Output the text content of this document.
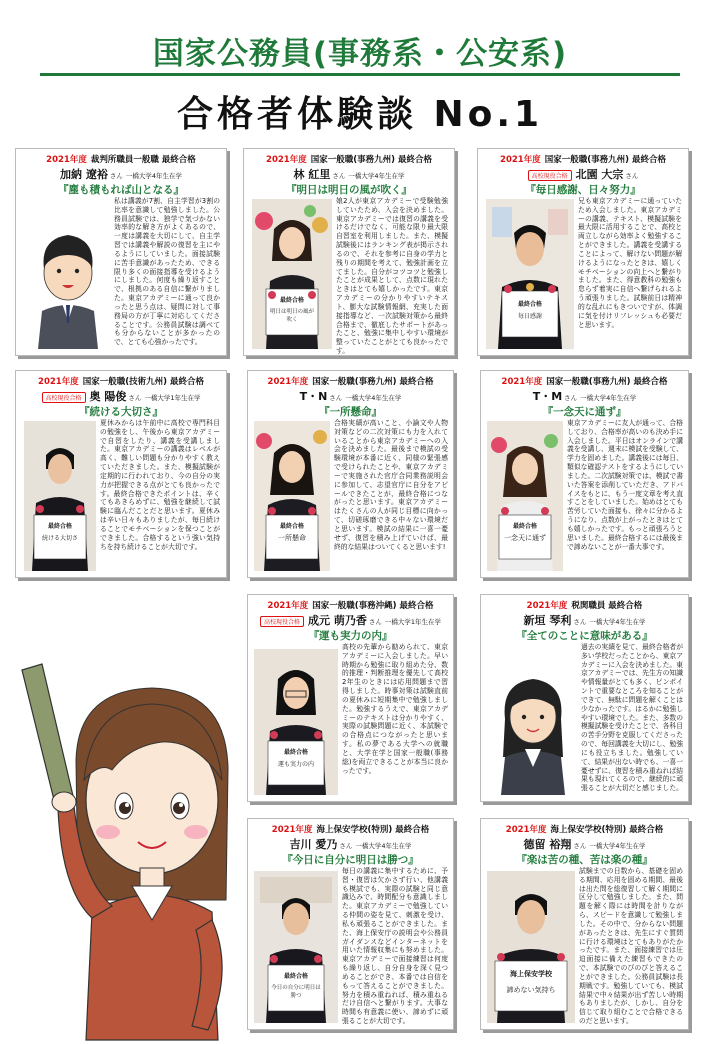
国家公務員(事務系・公安系)
合格者体験談 No.1
2021年度 裁判所職員一般職 最終合格
加納 遼裕 さん 一橋大学4年生在学
『塵も積もれば山となる』
私は講義が7割、自主学習が3割の比率を意識して勉強しました。公務員試験では、独学で気づかない効率的な解き方がよくあるので、一度は講義を大切にして、自主学習では講義や解説の復習を主にやるようにしていました。面接試験に苦手意識があったため、できる限り多くの面接指導を受けるようにしました。何度も繰り返すことで、根拠のある自信に繋がりました。東京アカデミーに通って良かったと思う点は、疑問に対して事務局の方が丁寧に対応してくださることです。公務員試験は調べても分からないことが多かったので、とても心強かったです。
2021年度 国家一般職(事務九州) 最終合格
林 紅里 さん 一橋大学4年生在学
『明日は明日の風が吹く』
最終合格
明日は明日の風が吹く
娘2人が東京アカデミーで受験勉強していたため、入会を決めました。東京アカデミーでは復習の講義を受けるだけでなく、可能な限り最大限自習室を利用しました。また、模擬試験後にはランキング表が掲示されるので、それを参考に自身の学力と残りの期間を考えて、勉強計画を立てました。自分がコツコツと勉強したことが成果として、点数に現れたときはとても嬉しかったです。東京アカデミーの分かりやすいテキスト、膨大な試験情報網、充実した面接指導など、一次試験対策から最終合格まで、徹底したサポートがあったこと、勉強に集中しやすい環境が整っていたことがとても良かったです。
2021年度 国家一般職(事務九州) 最終合格
高校現役合格 北園 大宗 さん
『毎日感謝、日々努力』
最終合格
毎日感謝
兄も東京アカデミーに通っていたため入会しました。東京アカデミーの講義、テキスト、模擬試験を最大限に活用することで、高校と両立しながら効率よく勉強することができました。講義を受講することによって、解けない問題が解けるようになったときは、嬉しくモチベーションの向上へと繋がりました。また、得意教科の勉強も怠らず着実に自信へ繋げられるよう頑張りました。試験前日は精神的な乱れにもきついですが、体調に気を付けリフレッシュも必要だと思います。
2021年度 国家一般職(技術九州) 最終合格
高校現役合格 奥 陽俊 さん 一橋大学1年生在学
『続ける大切さ』
最終合格
続ける大切さ
夏休みからは午前中に高校で専門科目の勉強をし、午後から東京アカデミーで自習をしたり、講義を受講しました。東京アカデミーの講義はレベルが高く、難しい問題も分かりやすく教えていただきました。また、模擬試験が定期的に行われており、今の自分の実力が把握できる点がとても良かったです。最終合格できたポイントは、辛くてもあきらめずに、勉強を継続して試験に臨んだことだと思います。夏休みは辛い日々もありましたが、毎日続けることでモチベーションを保つことができました。合格するという強い気持ちを持ち続けることが大切です。
2021年度 国家一般職(事務九州) 最終合格
T・N さん 一橋大学4年生在学
『一所懸命』
最終合格
一所懸命
合格実績が高いこと、小論文や人物対策などの二次対策にも力を入れていることから東京アカデミーへの入会を決めました。最後まで模試の受験環境が本番に近く、同様の緊張感で受けられたことや、東京アカデミーで実施された官庁合同業務説明会に参加して、志望官庁に自分をアピールできたことが、最終合格につながったと思います。東京アカデミーはたくさんの人が同じ目標に向かって、切磋琢磨できる中々ない環境だと思います。模試の結果に一喜一憂せず、復習を積み上げていけば、最終的な結果はついてくると思います!
2021年度 国家一般職(事務九州) 最終合格
T・M さん 一橋大学4年生在学
『一念天に通ず』
最終合格
一念天に通ず
東京アカデミーに友人が通って、合格しており、合格率が高いのも決め手に入会しました。平日はオンラインで講義を受講し、週末に模試を受験して、学力を固めました。講義後には毎日、類似な確認テストをするようにしていました。二次試験対策では、模試で書いた答案を添削していただき、アドバイスをもとに、もう一度文章を考え直すことをしていました。始めはとても苦労していた面接も、徐々に分かるようになり、点数が上がったときはとても嬉しかったです。もっと頑張ろうと思いました。最終合格するには最後まで諦めないことが一番大事です。
2021年度 国家一般職(事務沖縄) 最終合格
高校現役合格 成元 萌乃香 さん 一橋大学1年生在学
『運も実力の内』
最終合格
運も実力の内
高校の先輩から勧められて、東京アカデミーに入会しました。早い時期から勉強に取り組めた分、数的推理・判断推理を優先して高校2年生のときには応用問題まで習得しました。時事対策は試験直前の夏休みに短期集中で勉強しました。勉強するうえで、東京アカデミーのテキストは分かりやすく、実際の試験問題に近く、本試験での合格点につながったと思います。私の夢である大学への就職と、大学在学と国家一般職(事務総)を両立できることが本当に良かったです。
2021年度 税関職員 最終合格
新垣 琴利 さん 一橋大学4年生在学
『全てのことに意味がある』
過去の実績を見て、最終合格者が多い学校だったことから、東京アカデミーに入会を決めました。東京アカデミーでは、先生方の知識や情報量がとても多く、ピンポイントで重要なところを知ることができて、無駄に問題を解くことは少なかったです。はるかに勉強しやすい環境でした。また、多数の模擬試験を受けたことで、各科目の苦手分野を克服してくださったので、毎回講義を大切にし、勉強にも役立ちました。勉強していて、結果が出ない時でも、一喜一憂せずに、復習を積み重ねれば結果も現れてくるので、継続的に頑張ることが大切だと感じました。
2021年度 海上保安学校(特別) 最終合格
吉川 愛乃 さん 一橋大学4年生在学
『今日に自分に明日は勝つ』
最終合格
今日の自分に明日は勝つ
毎日の講義に集中するために、予習・復習は欠かさず行い、他講義も模試でも、実際の試験と同じ意識込みで、時間配分も意識しました。東京アカデミーで勉強している仲間の姿を見て、刺激を受け、私も頑張ることができました。また、海上保安庁の説明会や公務員ガイダンスなどインターネットを用いた情報収集にも努めました。東京アカデミーで面接練習は何度も繰り返し、自分自身を深く見つめることができ、本番では自信をもって答えることができました。努力を積み重ねれば、積み重ねるだけ自信へと繋がります。大事な時間も有意義に使い、諦めずに頑張ることが大切です。
2021年度 海上保安学校(特別) 最終合格
德留 裕翔 さん 一橋大学4年生在学
『楽は苦の種、苦は楽の種』
海上保安学校
諦めない気持ち
試験までの日数から、基礎を固める期間、応用を固める期間、最後は出た問を総復習して解く期間に区分して勉強しました。また、問題を解く際には時間を計りながら、スピードを意識して勉強しました。その中で、分からない問題があったときは、先生にすぐ質問に行ける環境はとてもありがたかったです。また、面接練習では圧迫面接に備えた練習もできたので、本試験でのびのびと答えることができました。公務員試験は長期戦です。勉強していても、模試結果で中々結果が出ず苦しい時期もありましたが、しかし、自分を信じて取り組むことで合格できるのだと思います。
